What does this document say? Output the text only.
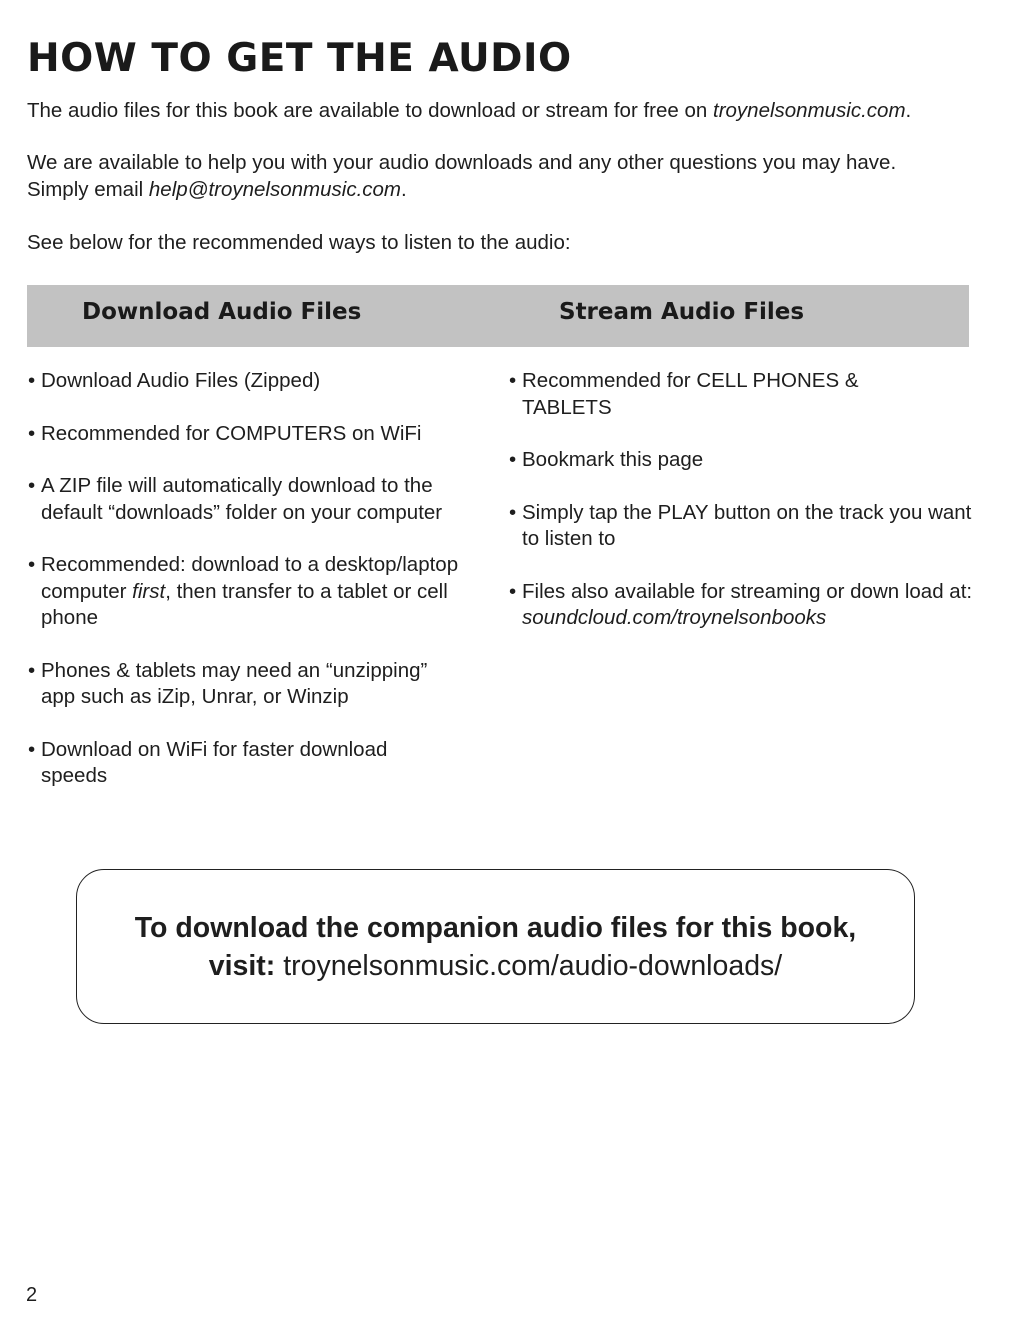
HOW TO GET THE AUDIO

The audio files for this book are available to download or stream for free on troynelsonmusic.com.

We are available to help you with your audio downloads and any other questions you may have.
Simply email help@troynelsonmusic.com.

See below for the recommended ways to listen to the audio:

Download Audio Files	Stream Audio Files
• Download Audio Files (Zipped)
• Recommended for COMPUTERS on WiFi
• A ZIP file will automatically download to the default “downloads” folder on your computer
• Recommended: download to a desktop/laptop computer first, then transfer to a tablet or cell phone
• Phones & tablets may need an “unzipping” app such as iZip, Unrar, or Winzip
• Download on WiFi for faster download speeds
• Recommended for CELL PHONES & TABLETS
• Bookmark this page
• Simply tap the PLAY button on the track you want to listen to
• Files also available for streaming or down load at: soundcloud.com/troynelsonbooks
To download the companion audio files for this book,
visit: troynelsonmusic.com/audio-downloads/
2
